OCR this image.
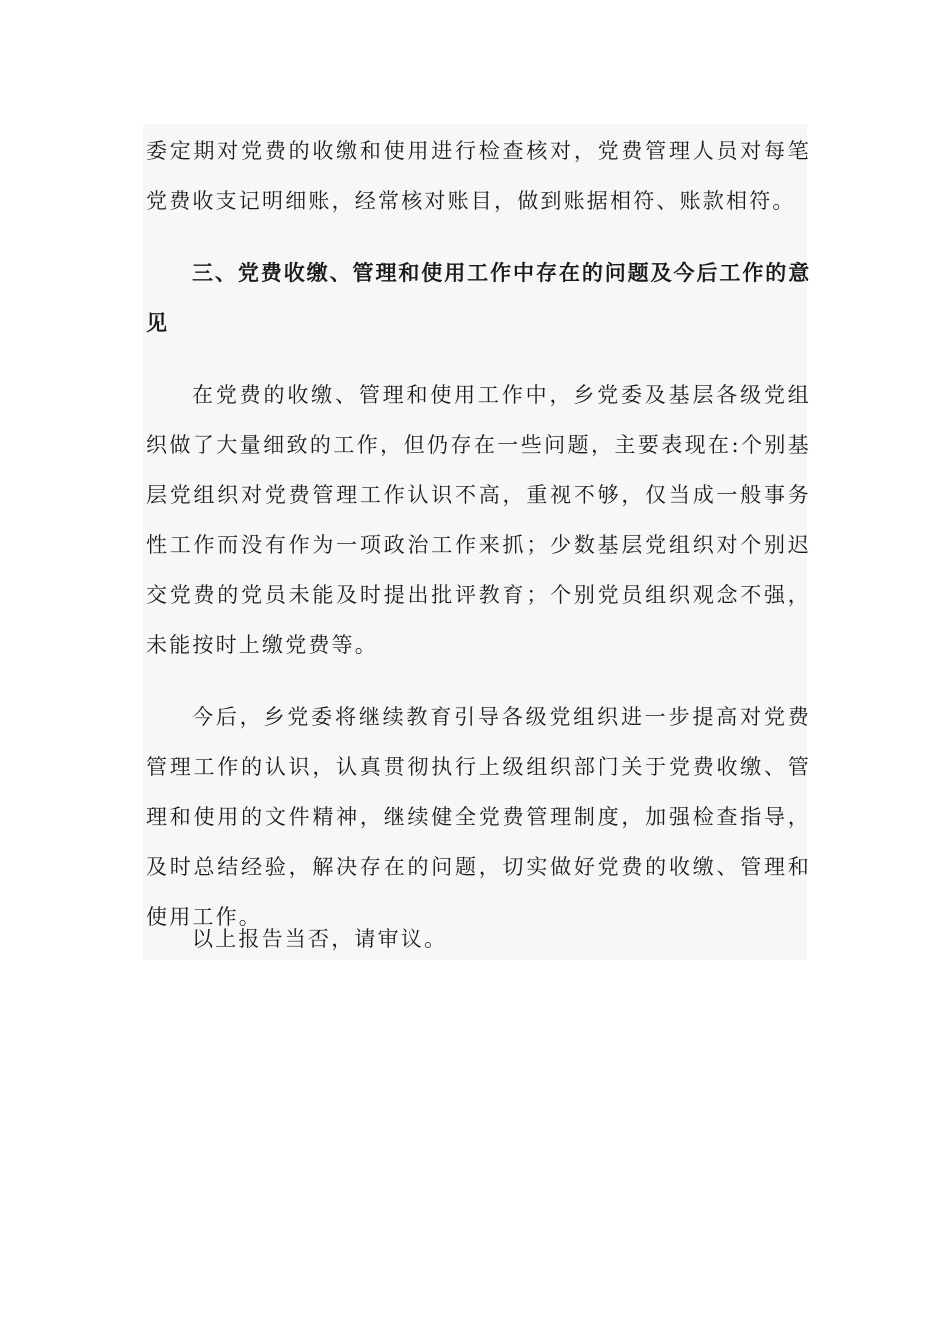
委定期对党费的收缴和使用进行检查核对，党费管理人员对每笔党费收支记明细账，经常核对账目，做到账据相符、账款相符。

三、党费收缴、管理和使用工作中存在的问题及今后工作的意见

在党费的收缴、管理和使用工作中，乡党委及基层各级党组织做了大量细致的工作，但仍存在一些问题，主要表现在:个别基层党组织对党费管理工作认识不高，重视不够，仅当成一般事务性工作而没有作为一项政治工作来抓；少数基层党组织对个别迟交党费的党员未能及时提出批评教育；个别党员组织观念不强，未能按时上缴党费等。

今后，乡党委将继续教育引导各级党组织进一步提高对党费管理工作的认识，认真贯彻执行上级组织部门关于党费收缴、管理和使用的文件精神，继续健全党费管理制度，加强检查指导，及时总结经验，解决存在的问题，切实做好党费的收缴、管理和使用工作。

以上报告当否，请审议。
